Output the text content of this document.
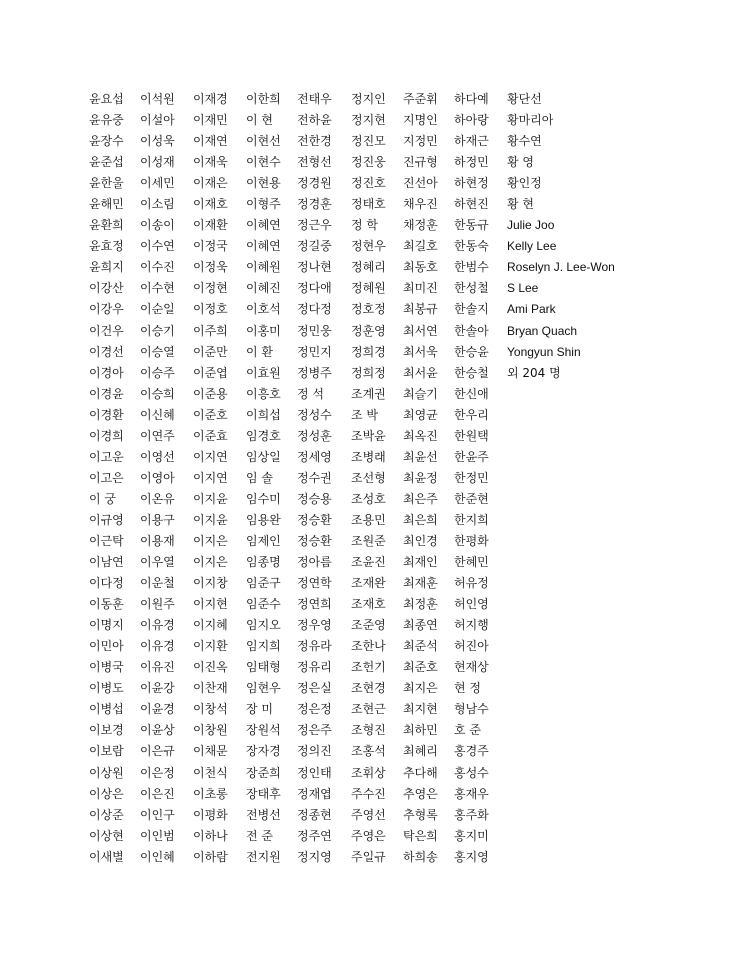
윤요섭
윤유중
윤장수
윤준섭
윤한울
윤해민
윤환희
윤효정
윤희지
이강산
이강우
이건우
이경선
이경아
이경윤
이경환
이경희
이고운
이고은
이 궁
이규영
이근탁
이남연
이다정
이동훈
이명지
이민아
이병국
이병도
이병섭
이보경
이보람
이상원
이상은
이상준
이상현
이새별
이석원
이설아
이성욱
이성재
이세민
이소림
이송이
이수연
이수진
이수현
이순일
이승기
이승열
이승주
이승희
이신혜
이연주
이영선
이영아
이온유
이용구
이용재
이우열
이운철
이원주
이유경
이유경
이유진
이윤강
이윤경
이윤상
이은규
이은정
이은진
이인구
이인범
이인혜
이재경
이재민
이재연
이재욱
이재은
이재호
이재환
이정국
이정욱
이정현
이정호
이주희
이준만
이준엽
이준용
이준호
이준효
이지연
이지연
이지윤
이지윤
이지은
이지은
이지창
이지현
이지혜
이지환
이진옥
이찬재
이창석
이창원
이채문
이천식
이초롱
이평화
이하나
이하람
이한희
이 현
이현선
이현수
이현용
이형주
이혜연
이혜연
이혜원
이혜진
이호석
이홍미
이 환
이효원
이흥호
이희섭
임경호
임상일
임 솔
임수미
임용완
임제인
임종명
임준구
임준수
임지오
임지희
임태형
임현우
장 미
장원석
장자경
장준희
장태후
전병선
전 준
전지원
전태우
전하윤
전한경
전형선
정경원
정경훈
정근우
정길중
정나현
정다애
정다정
정민웅
정민지
정병주
정 석
정성수
정성훈
정세영
정수권
정승용
정승환
정승환
정아름
정연학
정연희
정우영
정유라
정유리
정은실
정은정
정은주
정의진
정인태
정재엽
정종현
정주연
정지영
정지인
정지현
정진모
정진웅
정진호
정태호
정 학
정현우
정혜리
정혜원
정호정
정훈영
정희경
정희정
조계권
조 박
조박윤
조병래
조선형
조성호
조용민
조원준
조윤진
조재완
조재호
조준영
조한나
조헌기
조현경
조현근
조형진
조홍석
조휘상
주수진
주영선
주영은
주일규
주준휘
지명인
지정민
진규형
진선아
채우진
채정훈
최길호
최동호
최미진
최봉규
최서연
최서욱
최서윤
최슬기
최영균
최옥진
최윤선
최윤정
최은주
최은희
최인경
최재인
최재훈
최정훈
최종연
최준석
최준호
최지은
최지현
최하민
최혜리
추다해
추영은
추형록
탁은희
하희송
하다예
하아랑
하재근
하정민
하현정
하현진
한동규
한동숙
한범수
한성철
한솔지
한솔아
한승윤
한승철
한신애
한우리
한원택
한윤주
한정민
한준현
한지희
한평화
한혜민
허유정
허인영
허지행
허진아
현재상
현 정
형남수
호 준
홍경주
홍성수
홍재우
홍주화
홍지미
홍지영
황단선
황마리아
황수연
황 영
황인정
황 현
Julie Joo
Kelly Lee
Roselyn J. Lee-Won
S Lee
Ami Park
Bryan Quach
Yongyun Shin
외 204 명
